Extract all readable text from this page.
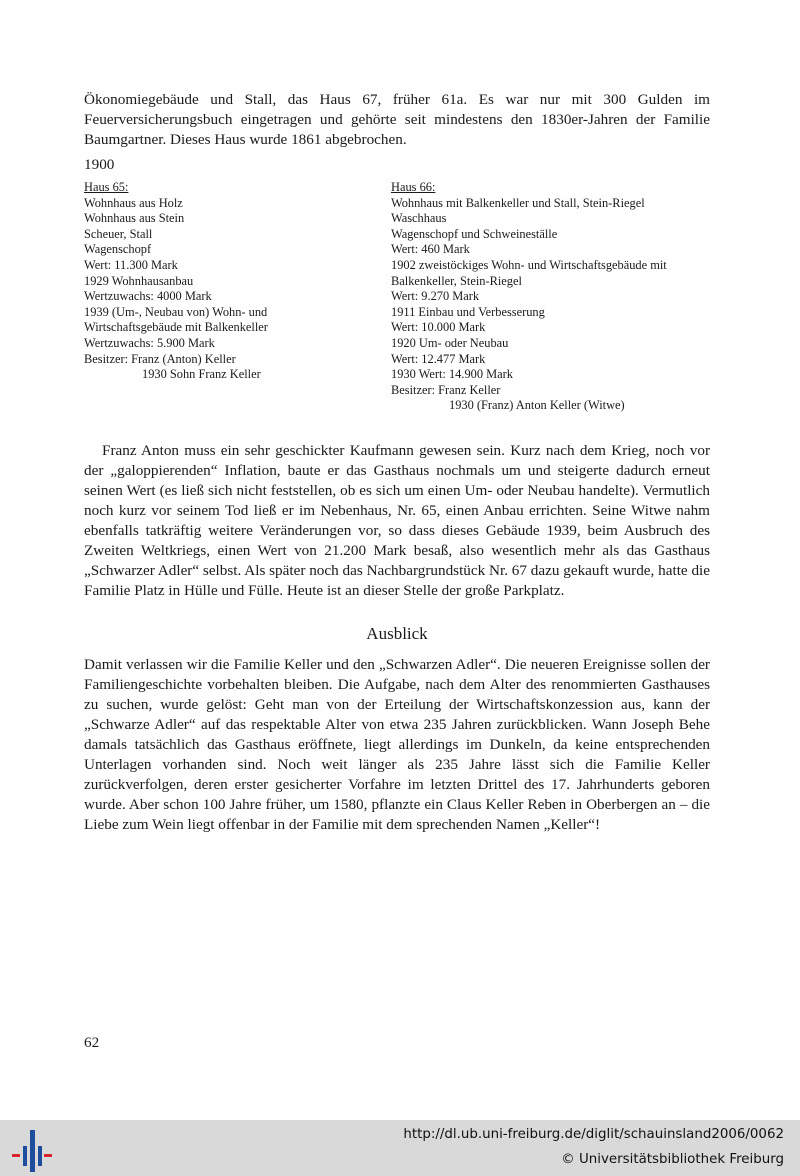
Ökonomiegebäude und Stall, das Haus 67, früher 61a. Es war nur mit 300 Gulden im Feuerversicherungsbuch eingetragen und gehörte seit mindestens den 1830er-Jahren der Familie Baumgartner. Dieses Haus wurde 1861 abgebrochen.

1900
Haus 65:
Wohnhaus aus Holz
Wohnhaus aus Stein
Scheuer, Stall
Wagenschopf
Wert: 11.300 Mark
1929 Wohnhausanbau
Wertzuwachs: 4000 Mark
1939 (Um-, Neubau von) Wohn- und
Wirtschaftsgebäude mit Balkenkeller
Wertzuwachs: 5.900 Mark
Besitzer: Franz (Anton) Keller
1930 Sohn Franz Keller
Haus 66:
Wohnhaus mit Balkenkeller und Stall, Stein-Riegel
Waschhaus
Wagenschopf und Schweineställe
Wert: 460 Mark
1902 zweistöckiges Wohn- und Wirtschaftsgebäude mit
Balkenkeller, Stein-Riegel
Wert: 9.270 Mark
1911 Einbau und Verbesserung
Wert: 10.000 Mark
1920 Um- oder Neubau
Wert: 12.477 Mark
1930 Wert: 14.900 Mark
Besitzer: Franz Keller
1930 (Franz) Anton Keller (Witwe)

Franz Anton muss ein sehr geschickter Kaufmann gewesen sein. Kurz nach dem Krieg, noch vor der „galoppierenden“ Inflation, baute er das Gasthaus nochmals um und steigerte dadurch erneut seinen Wert (es ließ sich nicht feststellen, ob es sich um einen Um- oder Neubau handelte). Vermutlich noch kurz vor seinem Tod ließ er im Nebenhaus, Nr. 65, einen Anbau errichten. Seine Witwe nahm ebenfalls tatkräftig weitere Veränderungen vor, so dass dieses Gebäude 1939, beim Ausbruch des Zweiten Weltkriegs, einen Wert von 21.200 Mark besaß, also wesentlich mehr als das Gasthaus „Schwarzer Adler“ selbst. Als später noch das Nachbargrundstück Nr. 67 dazu gekauft wurde, hatte die Familie Platz in Hülle und Fülle. Heute ist an dieser Stelle der große Parkplatz.

Ausblick

Damit verlassen wir die Familie Keller und den „Schwarzen Adler“. Die neueren Ereignisse sollen der Familiengeschichte vorbehalten bleiben. Die Aufgabe, nach dem Alter des renommierten Gasthauses zu suchen, wurde gelöst: Geht man von der Erteilung der Wirtschaftskonzession aus, kann der „Schwarze Adler“ auf das respektable Alter von etwa 235 Jahren zurückblicken. Wann Joseph Behe damals tatsächlich das Gasthaus eröffnete, liegt allerdings im Dunkeln, da keine entsprechenden Unterlagen vorhanden sind. Noch weit länger als 235 Jahre lässt sich die Familie Keller zurückverfolgen, deren erster gesicherter Vorfahre im letzten Drittel des 17. Jahrhunderts geboren wurde. Aber schon 100 Jahre früher, um 1580, pflanzte ein Claus Keller Reben in Oberbergen an – die Liebe zum Wein liegt offenbar in der Familie mit dem sprechenden Namen „Keller“!

62
http://dl.ub.uni-freiburg.de/diglit/schauinsland2006/0062
© Universitätsbibliothek Freiburg
